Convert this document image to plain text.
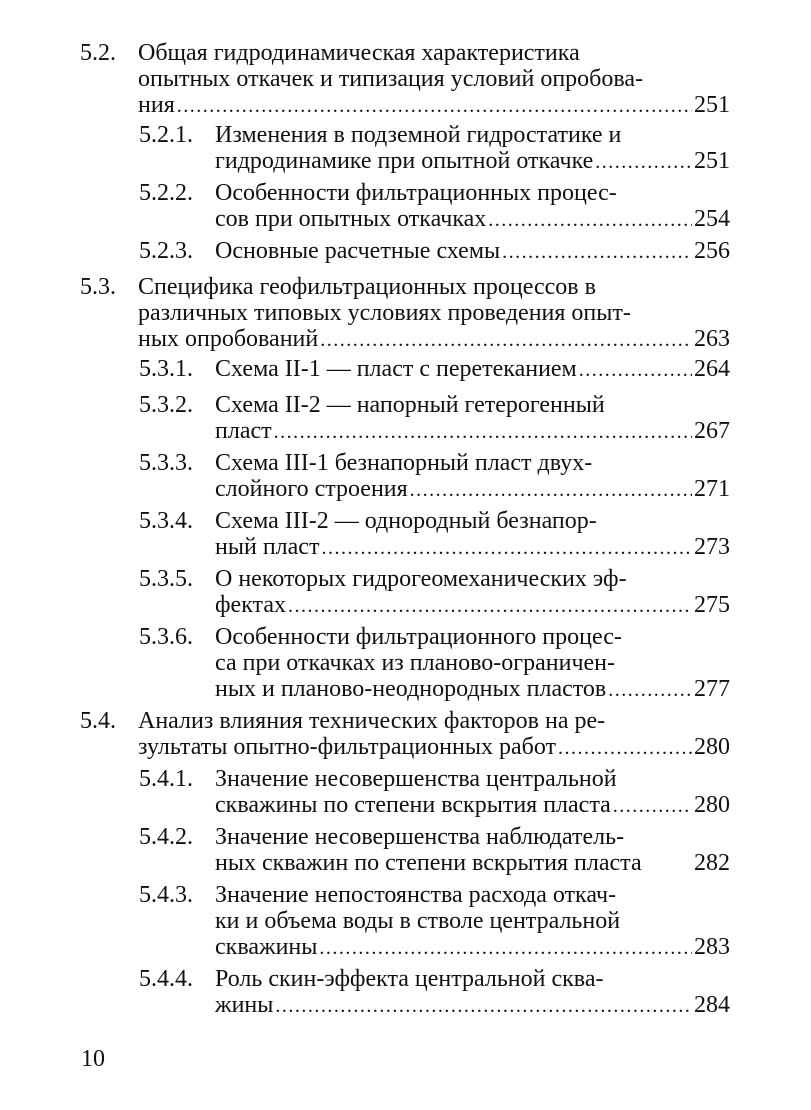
5.2. Общая гидродинамическая характеристика
опытных откачек и типизация условий опробова-
ния .....	251
5.2.1. Изменения в подземной гидростатике и
гидродинамике при опытной откачке .....	251
5.2.2. Особенности фильтрационных процес-
сов при опытных откачках .....	254
5.2.3. Основные расчетные схемы .....	256
5.3. Специфика геофильтрационных процессов в
различных типовых условиях проведения опыт-
ных опробований .....	263
5.3.1. Схема II-1 — пласт с перетеканием .....	264
5.3.2. Схема II-2 — напорный гетерогенный
пласт .....	267
5.3.3. Схема III-1 безнапорный пласт двух-
слойного строения .....	271
5.3.4. Схема III-2 — однородный безнапор-
ный пласт .....	273
5.3.5. О некоторых гидрогеомеханических эф-
фектах .....	275
5.3.6. Особенности фильтрационного процес-
са при откачках из планово-ограничен-
ных и планово-неоднородных пластов .....	277
5.4. Анализ влияния технических факторов на ре-
зультаты опытно-фильтрационных работ .....	280
5.4.1. Значение несовершенства центральной
скважины по степени вскрытия пласта .....	280
5.4.2. Значение несовершенства наблюдатель-
ных скважин по степени вскрытия пласта 282
5.4.3. Значение непостоянства расхода откач-
ки и объема воды в стволе центральной
скважины .....	283
5.4.4. Роль скин-эффекта центральной сква-
жины .....	284
10
